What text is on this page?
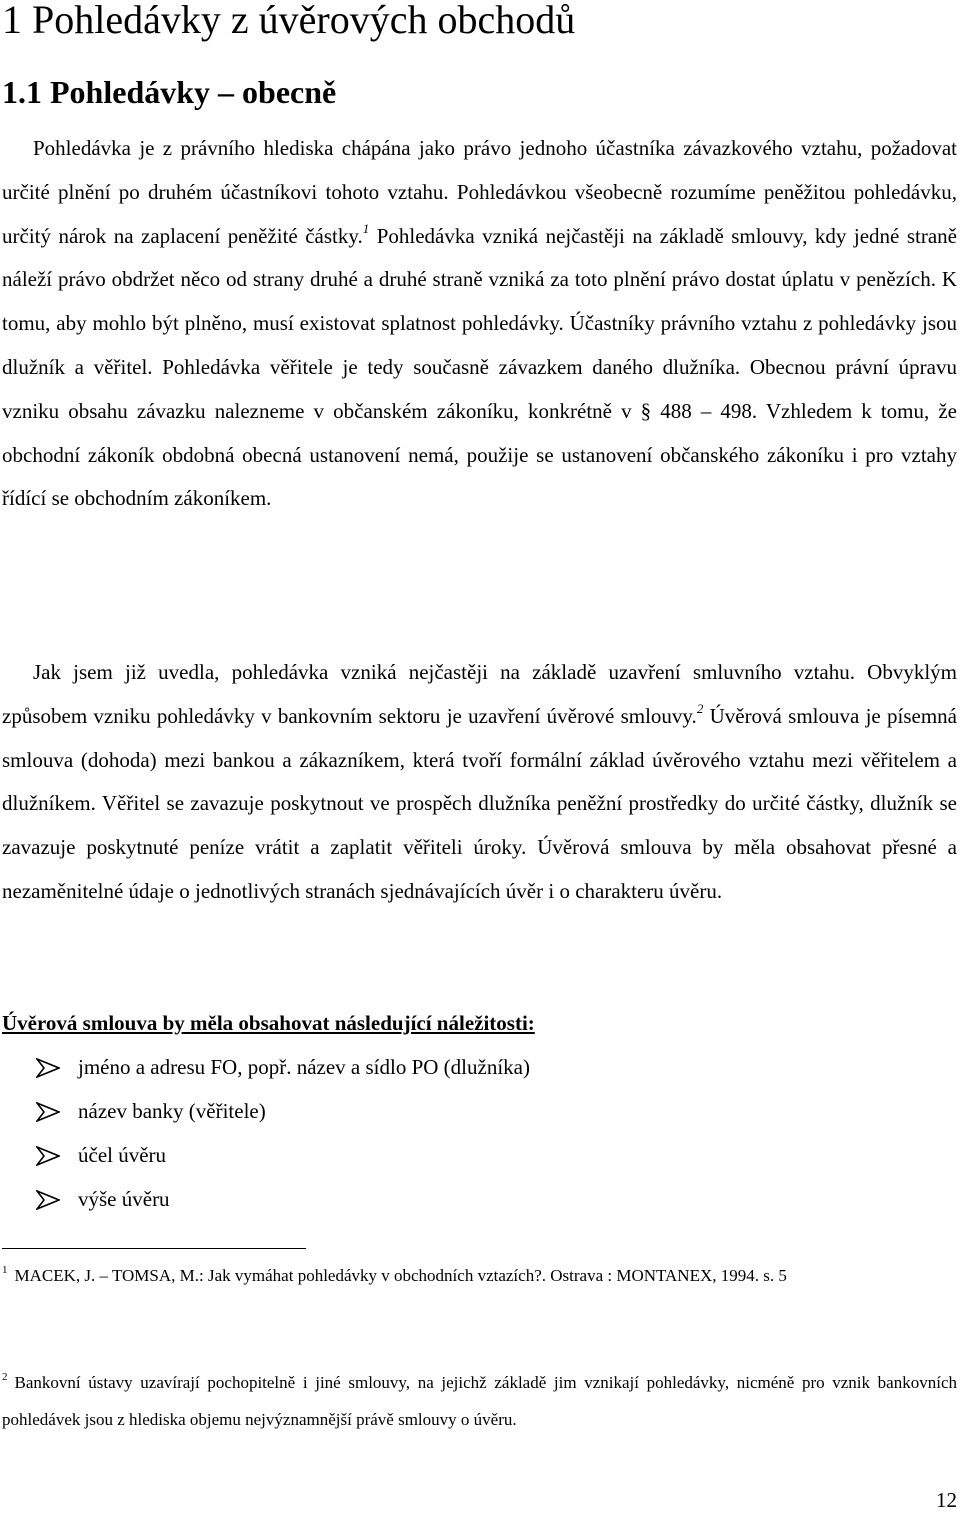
1 Pohledávky z úvěrových obchodů
1.1 Pohledávky – obecně

Pohledávka je z právního hlediska chápána jako právo jednoho účastníka závazkového vztahu, požadovat určité plnění po druhém účastníkovi tohoto vztahu. Pohledávkou všeobecně rozumíme peněžitou pohledávku, určitý nárok na zaplacení peněžité částky.$^1$ Pohledávka vzniká nejčastěji na základě smlouvy, kdy jedné straně náleží právo obdržet něco od strany druhé a druhé straně vzniká za toto plnění právo dostat úplatu v penězích. K tomu, aby mohlo být plněno, musí existovat splatnost pohledávky. Účastníky právního vztahu z pohledávky jsou dlužník a věřitel. Pohledávka věřitele je tedy současně závazkem daného dlužníka. Obecnou právní úpravu vzniku obsahu závazku nalezneme v občanském zákoníku, konkrétně v § 488 – 498. Vzhledem k tomu, že obchodní zákoník obdobná obecná ustanovení nemá, použije se ustanovení občanského zákoníku i pro vztahy řídící se obchodním zákoníkem.

Jak jsem již uvedla, pohledávka vzniká nejčastěji na základě uzavření smluvního vztahu. Obvyklým způsobem vzniku pohledávky v bankovním sektoru je uzavření úvěrové smlouvy.$^2$ Úvěrová smlouva je písemná smlouva (dohoda) mezi bankou a zákazníkem, která tvoří formální základ úvěrového vztahu mezi věřitelem a dlužníkem. Věřitel se zavazuje poskytnout ve prospěch dlužníka peněžní prostředky do určité částky, dlužník se zavazuje poskytnuté peníze vrátit a zaplatit věřiteli úroky. Úvěrová smlouva by měla obsahovat přesné a nezaměnitelné údaje o jednotlivých stranách sjednávajících úvěr i o charakteru úvěru.

Úvěrová smlouva by měla obsahovat následující náležitosti:

jméno a adresu FO, popř. název a sídlo PO (dlužníka)
název banky (věřitele)
účel úvěru
výše úvěru

$^1$ MACEK, J. – TOMSA, M.: Jak vymáhat pohledávky v obchodních vztazích?. Ostrava : MONTANEX, 1994. s. 5

$^2$ Bankovní ústavy uzavírají pochopitelně i jiné smlouvy, na jejichž základě jim vznikají pohledávky, nicméně pro vznik bankovních pohledávek jsou z hlediska objemu nejvýznamnější právě smlouvy o úvěru.

12
